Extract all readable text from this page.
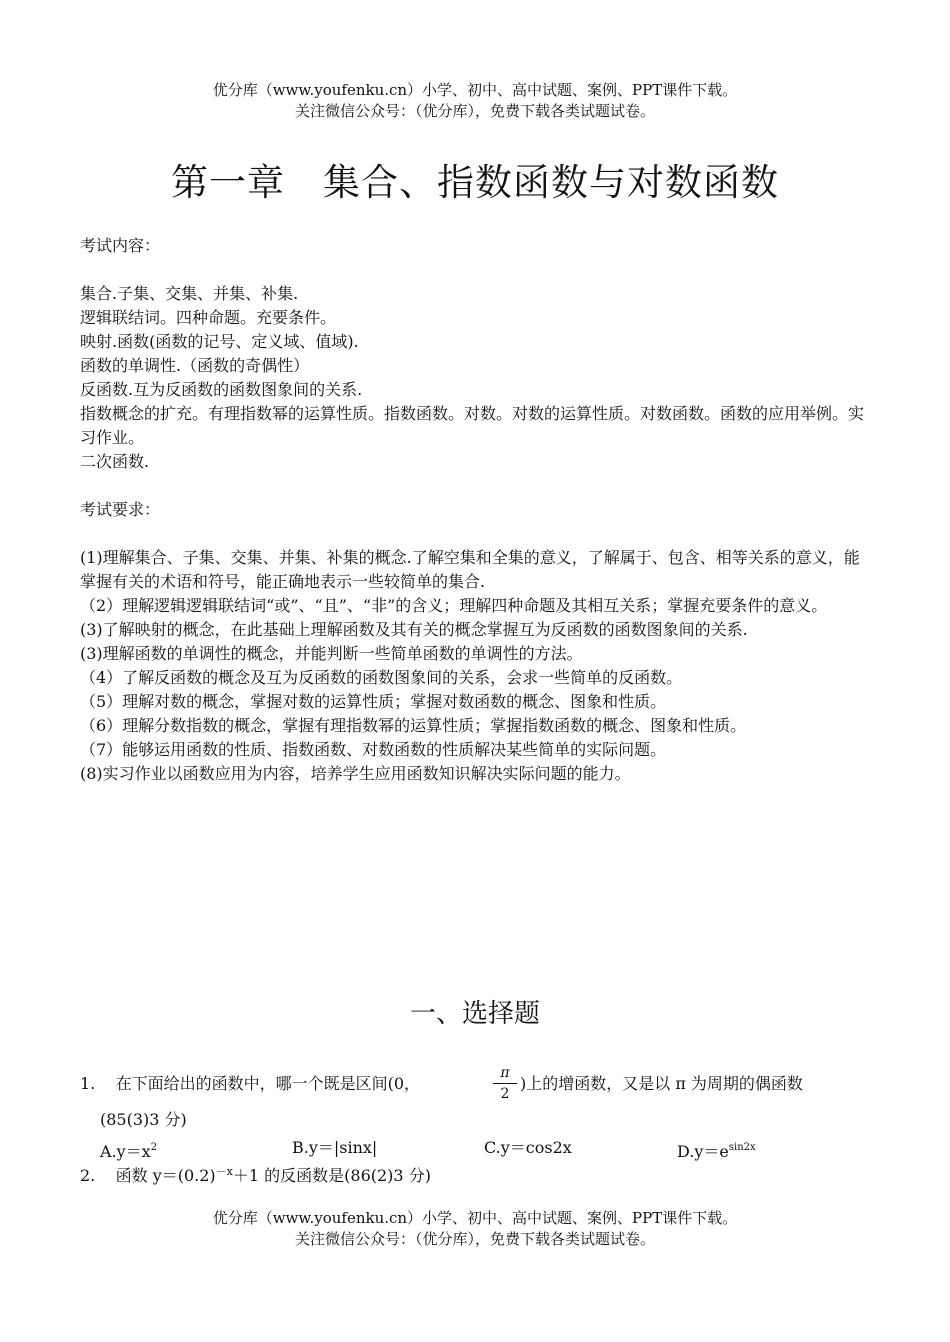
优分库（www.youfenku.cn）小学、初中、高中试题、案例、PPT课件下载。
关注微信公众号：（优分库），免费下载各类试题试卷。
第一章 集合、指数函数与对数函数

考试内容：

集合.子集、交集、并集、补集.

逻辑联结词。四种命题。充要条件。

映射.函数(函数的记号、定义域、值域).

函数的单调性.（函数的奇偶性）

反函数.互为反函数的函数图象间的关系.

指数概念的扩充。有理指数幂的运算性质。指数函数。对数。对数的运算性质。对数函数。函数的应用举例。实习作业。

二次函数.

考试要求：

(1)理解集合、子集、交集、并集、补集的概念.了解空集和全集的意义，了解属于、包含、相等关系的意义，能掌握有关的术语和符号，能正确地表示一些较简单的集合.

（2）理解逻辑逻辑联结词“或”、“且”、“非”的含义；理解四种命题及其相互关系；掌握充要条件的意义。

(3)了解映射的概念，在此基础上理解函数及其有关的概念掌握互为反函数的函数图象间的关系.

(3)理解函数的单调性的概念，并能判断一些简单函数的单调性的方法。

（4）了解反函数的概念及互为反函数的函数图象间的关系，会求一些简单的反函数。

（5）理解对数的概念，掌握对数的运算性质；掌握对数函数的概念、图象和性质。

（6）理解分数指数的概念，掌握有理指数幂的运算性质；掌握指数函数的概念、图象和性质。

（7）能够运用函数的性质、指数函数、对数函数的性质解决某些简单的实际问题。

(8)实习作业以函数应用为内容，培养学生应用函数知识解决实际问题的能力。

一、选择题
1. 在下面给出的函数中，哪一个既是区间(0，
π
2
)上的增函数，又是以 π 为周期的偶函数
(85(3)3 分)
$A.y=x^2$	B.y＝|sinx|	C.y＝cos2x	$D.y=e^{sin2x}$
2. 函数 $y=(0.2)^{-x}+1$ 的反函数是(86(2)3 分)
优分库（www.youfenku.cn）小学、初中、高中试题、案例、PPT课件下载。
关注微信公众号：（优分库），免费下载各类试题试卷。
